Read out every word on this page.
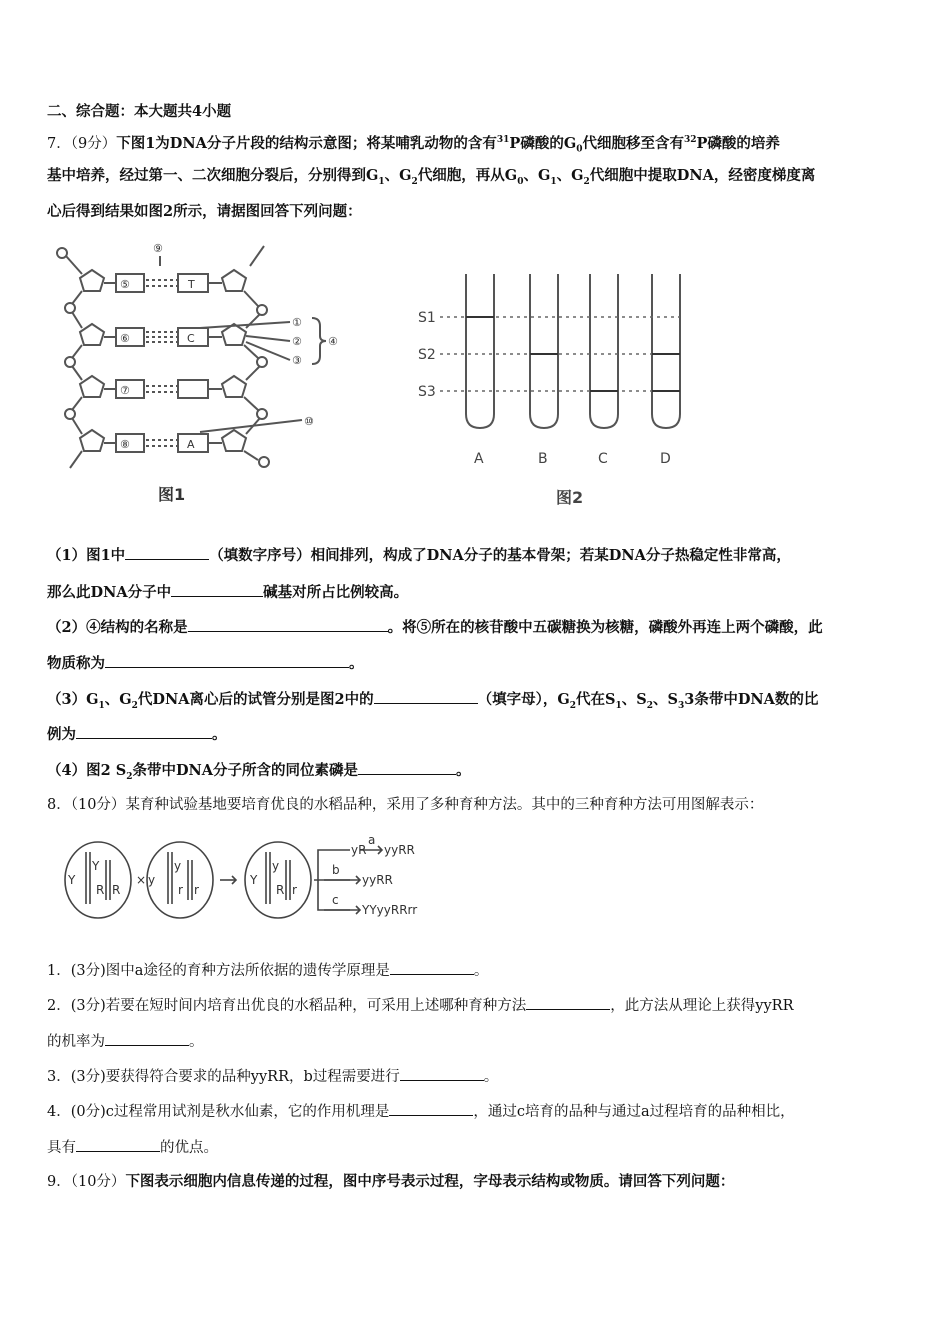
二、综合题：本大题共4小题
7．（9分）下图1为DNA分子片段的结构示意图；将某哺乳动物的含有$^{31}$P磷酸的$G_0$代细胞移至含有$^{32}$P磷酸的培养
基中培养，经过第一、二次细胞分裂后，分别得到$G_1$、$G_2$代细胞，再从$G_0$、$G_1$、$G_2$代细胞中提取DNA，经密度梯度离
心后得到结果如图2所示，请据图回答下列问题：
⑨
⑤
⑥
⑦
⑧
T
C
A
①
②
③
④
⑩
图1
S1
S2
S3
A	B	C	D
图2
（1）图1中	（填数字序号）相间排列，构成了DNA分子的基本骨架；若某DNA分子热稳定性非常高，
那么此DNA分子中	碱基对所占比例较高。
（2）④结构的名称是	。将⑤所在的核苷酸中五碳糖换为核糖，磷酸外再连上两个磷酸，此
物质称为	。
$(3)G_1$、$G_2$代DNA离心后的试管分别是图2中的	（填字母），$G_2$代在$S_1$、$S_2$、$S_33$条带中DNA数的比
例为	。
（4）图2 $S_2$条带中DNA分子所含的同位素磷是	。
8．（10分）某育种试验基地要培育优良的水稻品种，采用了多种育种方法。其中的三种育种方法可用图解表示：
Y
Y
R R
× y
y
r r
Y
y
R r
yR
a
yyRR
b
yyRR
c
YYyyRRrr
1．(3分)图中a途径的育种方法所依据的遗传学原理是	。
2．(3分)若要在短时间内培育出优良的水稻品种，可采用上述哪种育种方法	，此方法从理论上获得yyRR
的机率为	。
3．(3分)要获得符合要求的品种yyRR，b过程需要进行	。
4．(0分)c过程常用试剂是秋水仙素，它的作用机理是	，通过c培育的品种与通过a过程培育的品种相比，
具有	的优点。
9．（10分）下图表示细胞内信息传递的过程，图中序号表示过程，字母表示结构或物质。请回答下列问题：
